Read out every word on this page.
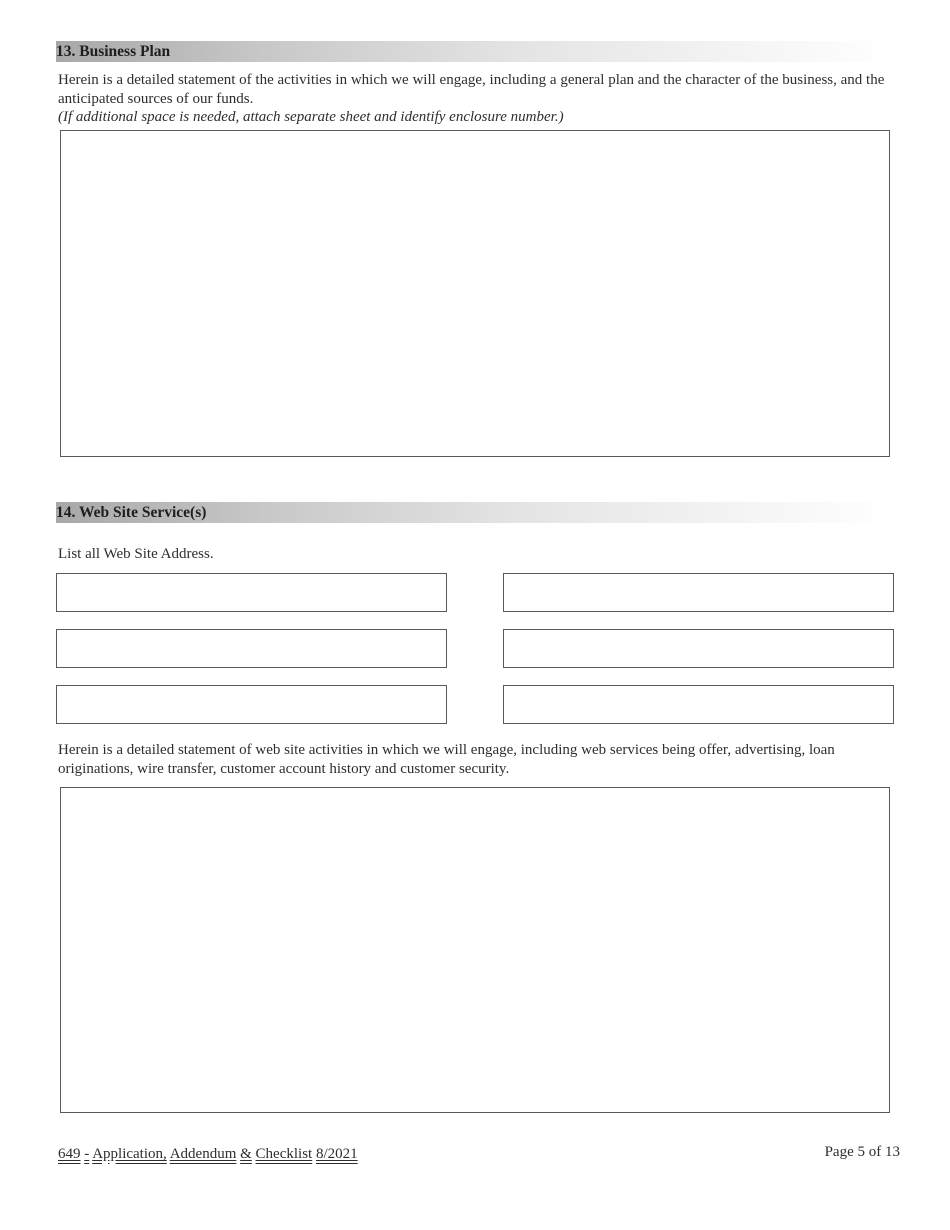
13. Business Plan
Herein is a detailed statement of the activities in which we will engage, including a general plan and the character of the business, and the anticipated sources of our funds.
(If additional space is needed, attach separate sheet and identify enclosure number.)
14. Web Site Service(s)
List all Web Site Address.
Herein is a detailed statement of web site activities in which we will engage, including web services being offer, advertising, loan originations, wire transfer, customer account history and customer security.
649 - Application, Addendum & Checklist 8/2021	Page 5 of 13
